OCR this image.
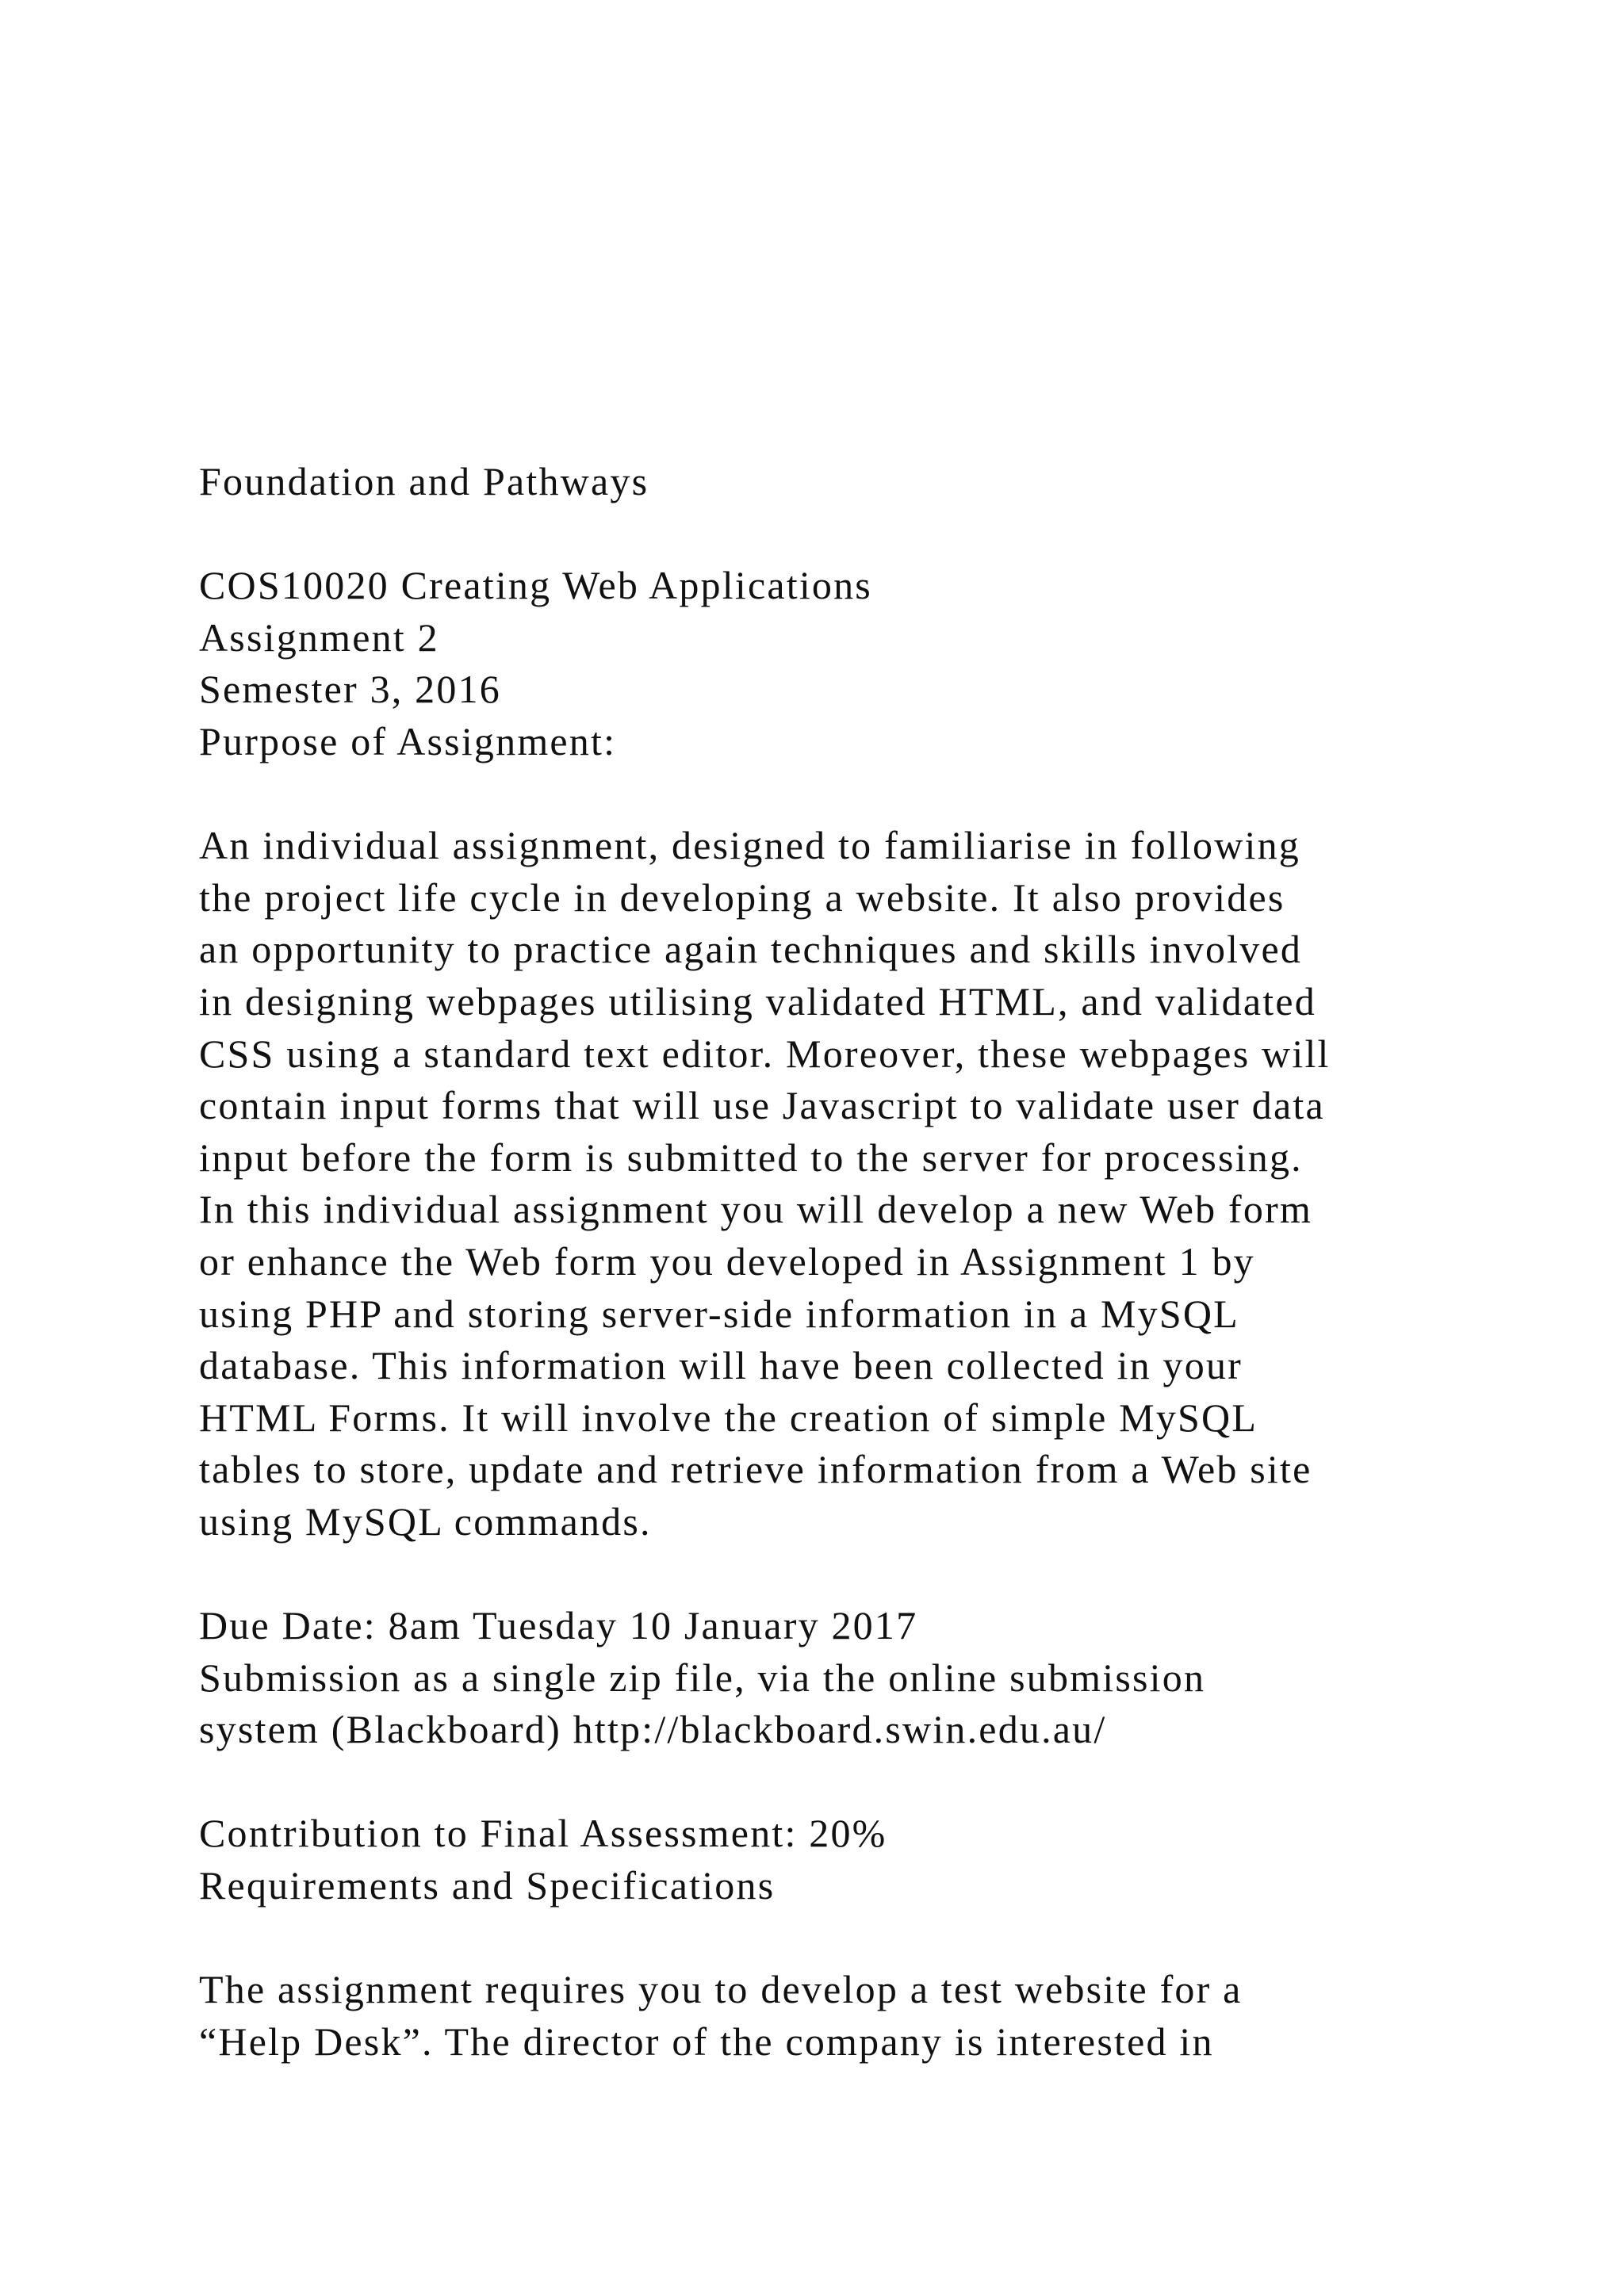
Foundation and Pathways
COS10020 Creating Web Applications
Assignment 2
Semester 3, 2016
Purpose of Assignment:
An individual assignment, designed to familiarise in following
the project life cycle in developing a website. It also provides
an opportunity to practice again techniques and skills involved
in designing webpages utilising validated HTML, and validated
CSS using a standard text editor. Moreover, these webpages will
contain input forms that will use Javascript to validate user data
input before the form is submitted to the server for processing.
In this individual assignment you will develop a new Web form
or enhance the Web form you developed in Assignment 1 by
using PHP and storing server-side information in a MySQL
database. This information will have been collected in your
HTML Forms. It will involve the creation of simple MySQL
tables to store, update and retrieve information from a Web site
using MySQL commands.
Due Date: 8am Tuesday 10 January 2017
Submission as a single zip file, via the online submission
system (Blackboard) http://blackboard.swin.edu.au/
Contribution to Final Assessment: 20%
Requirements and Specifications
The assignment requires you to develop a test website for a
“Help Desk”. The director of the company is interested in
